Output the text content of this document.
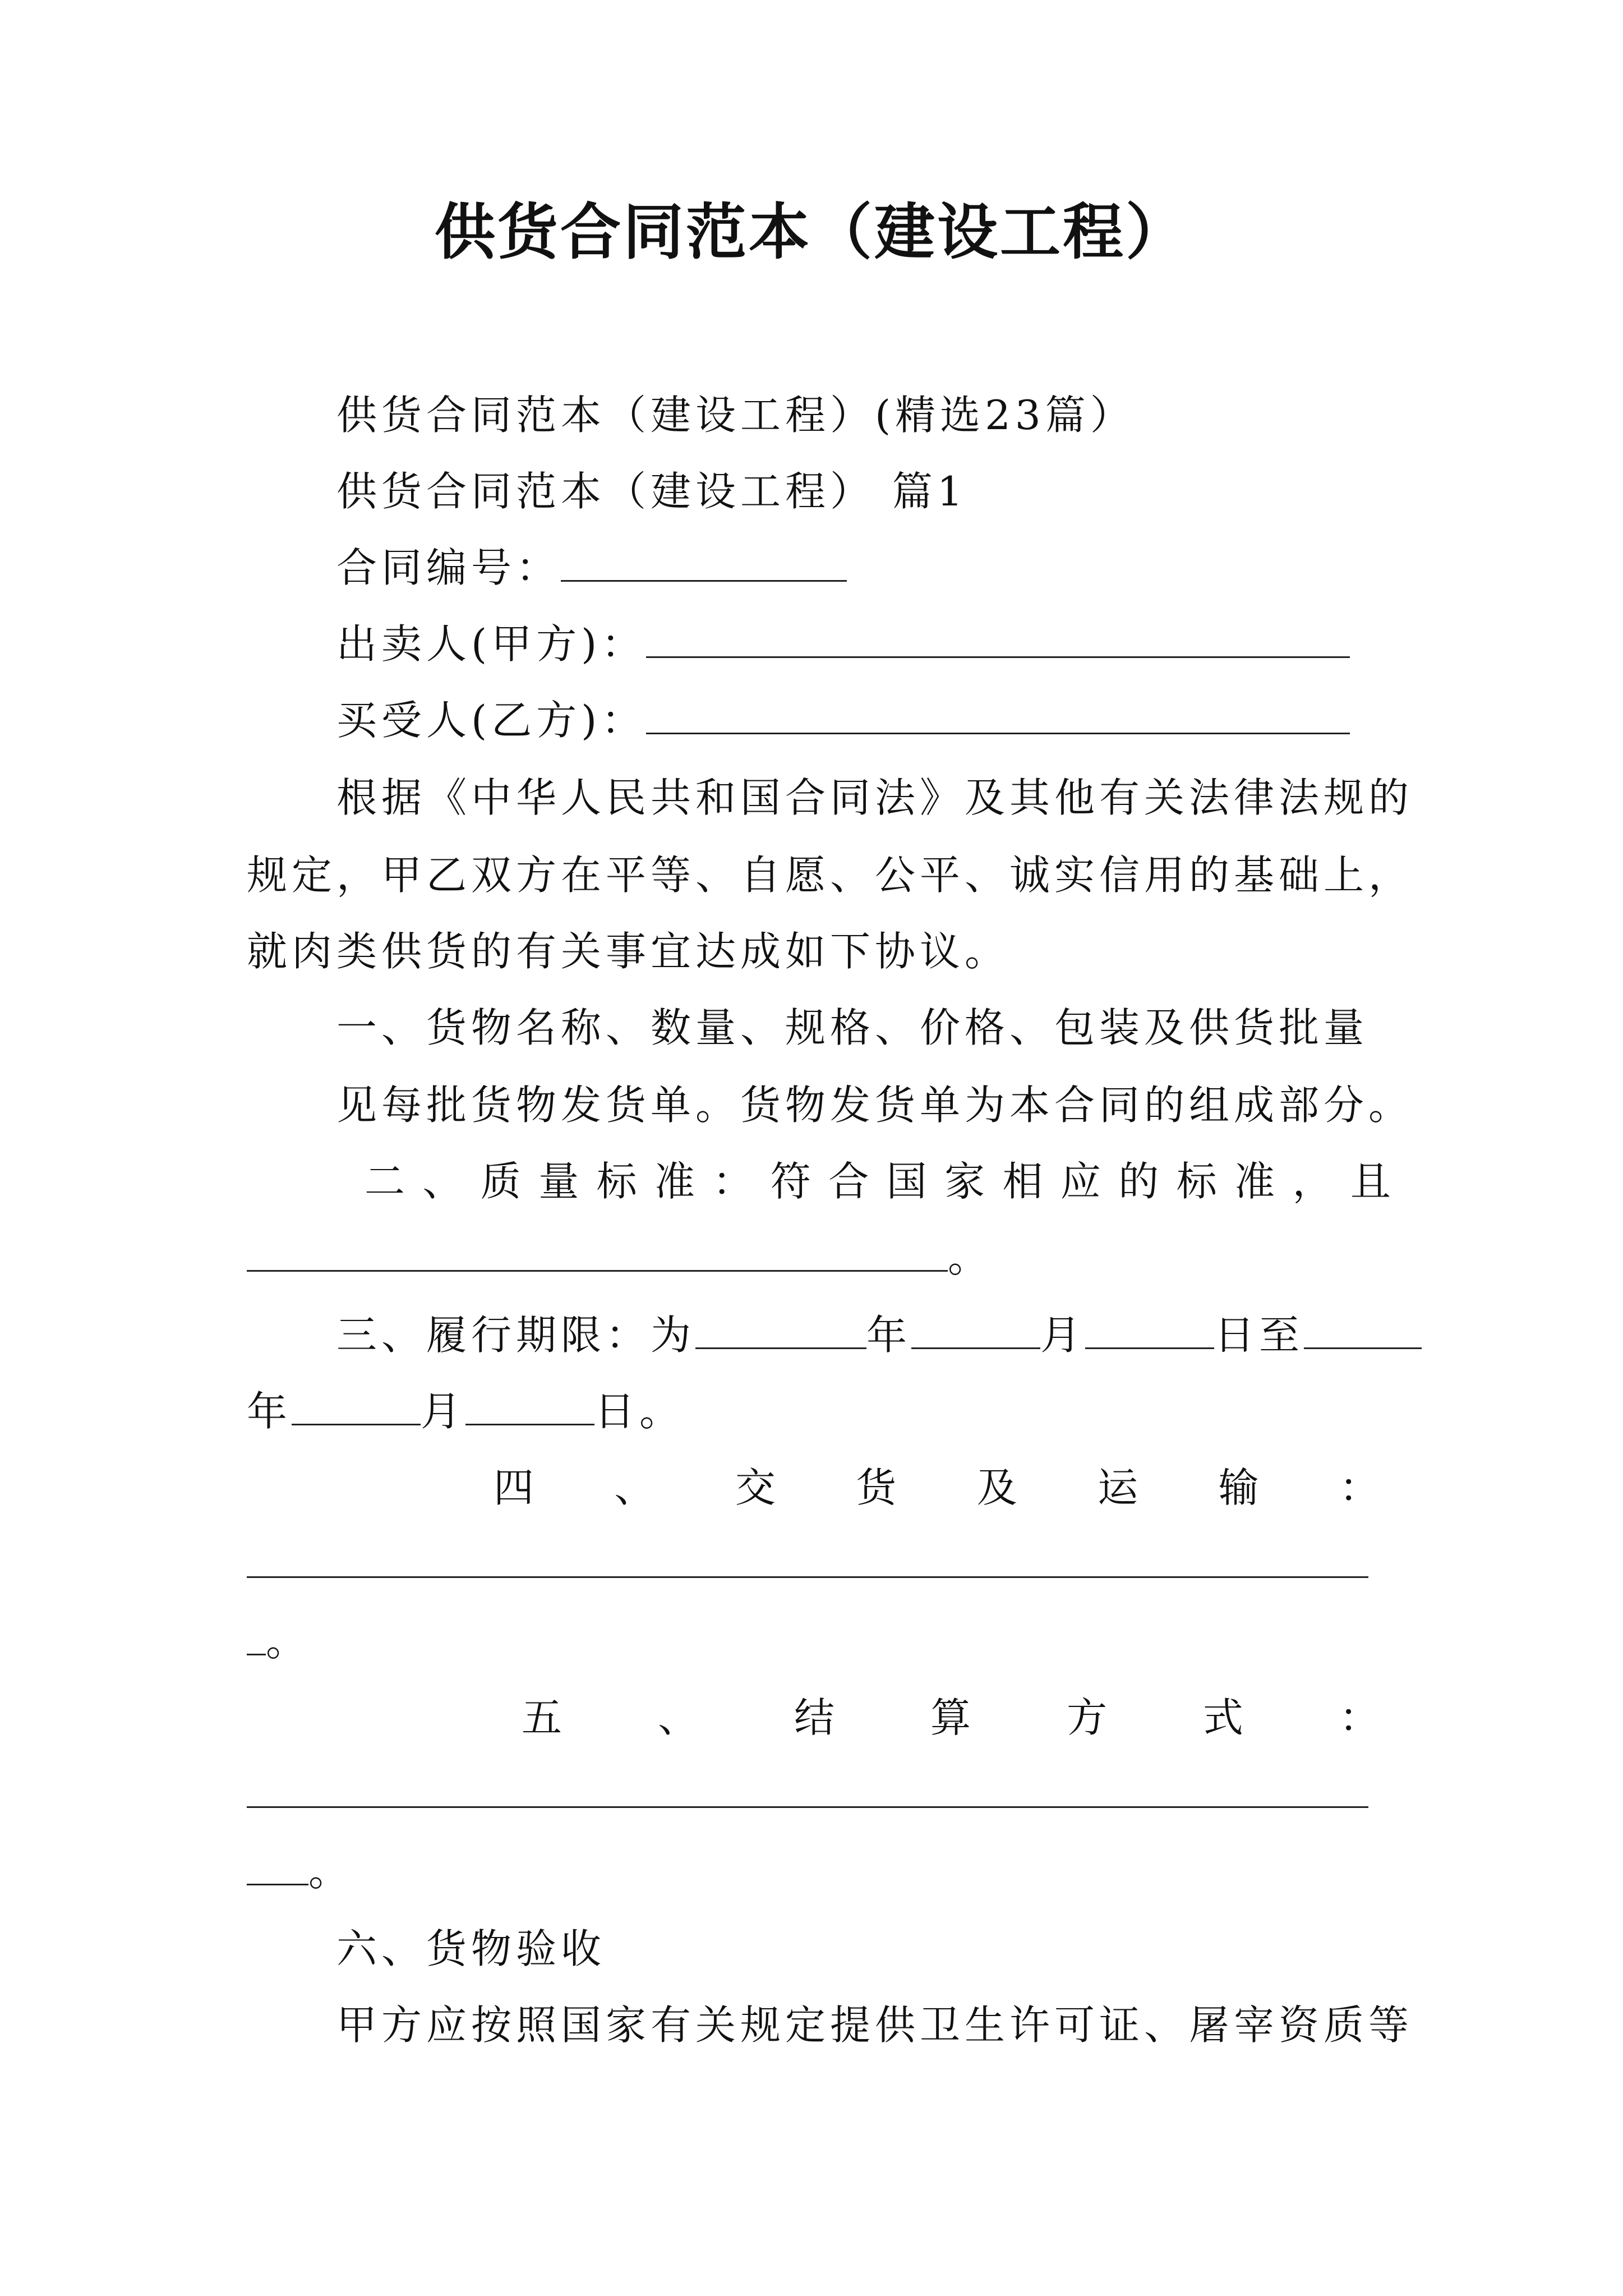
供货合同范本（建设工程）
供货合同范本（建设工程）(精选23篇）
供货合同范本（建设工程） 篇1
合同编号：
出卖人(甲方)：
买受人(乙方)：
根据《中华人民共和国合同法》及其他有关法律法规的
规定，甲乙双方在平等、自愿、公平、诚实信用的基础上，
就肉类供货的有关事宜达成如下协议。
一、货物名称、数量、规格、价格、包装及供货批量
见每批货物发货单。货物发货单为本合同的组成部分。
二 、 质 量 标 准 ： 符 合 国 家 相 应 的 标 准 ， 且
。
三、履行期限：为	年	月	日至
年	月	日。
四 、 交 货 及 运 输 ：
。
五 、 结 算 方 式 ：
。
六、货物验收
甲方应按照国家有关规定提供卫生许可证、屠宰资质等
